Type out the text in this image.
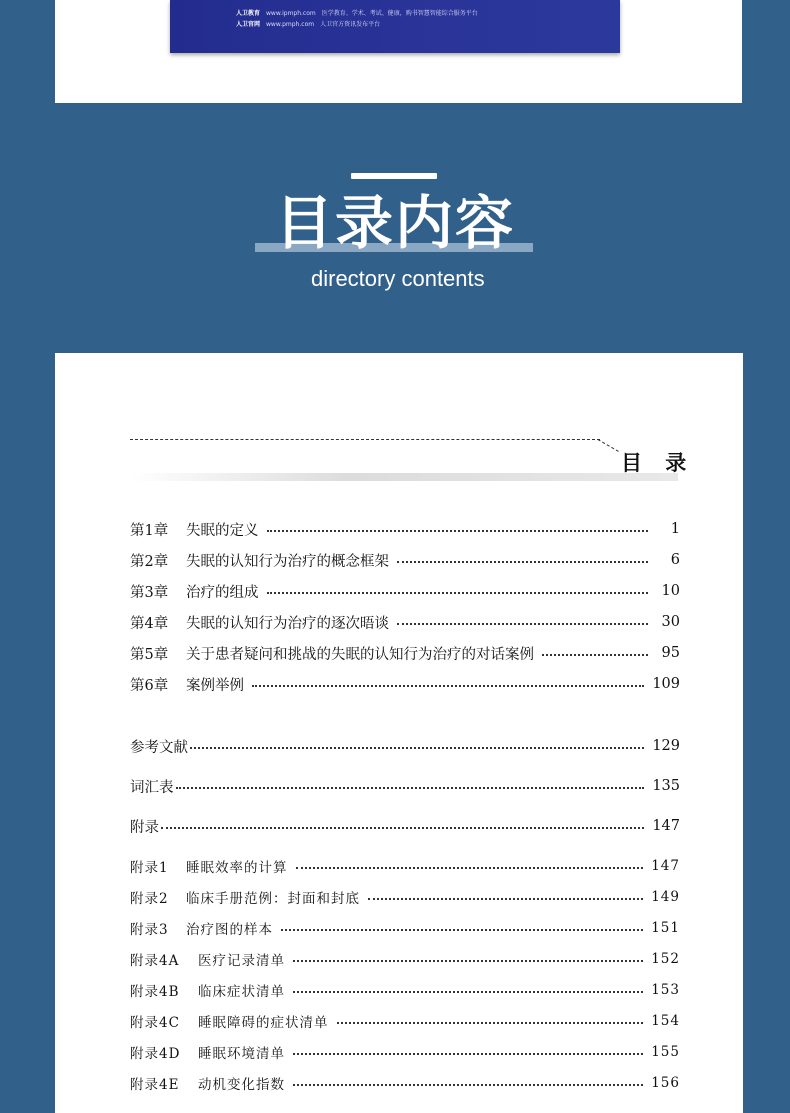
人卫教育 www.ipmph.com 医学教育、学术、考试、健康，购书智慧智能综合服务平台
人卫官网 www.pmph.com 人卫官方资讯发布平台
目录内容
directory contents
目 录
第1章 失眠的定义	1
第2章 失眠的认知行为治疗的概念框架	6
第3章 治疗的组成	10
第4章 失眠的认知行为治疗的逐次晤谈	30
第5章 关于患者疑问和挑战的失眠的认知行为治疗的对话案例	95
第6章 案例举例	109
参考文献	129
词汇表	135
附录	147
附录1 睡眠效率的计算	147
附录2 临床手册范例：封面和封底	149
附录3 治疗图的样本	151
附录4A 医疗记录清单	152
附录4B 临床症状清单	153
附录4C 睡眠障碍的症状清单	154
附录4D 睡眠环境清单	155
附录4E 动机变化指数	156
